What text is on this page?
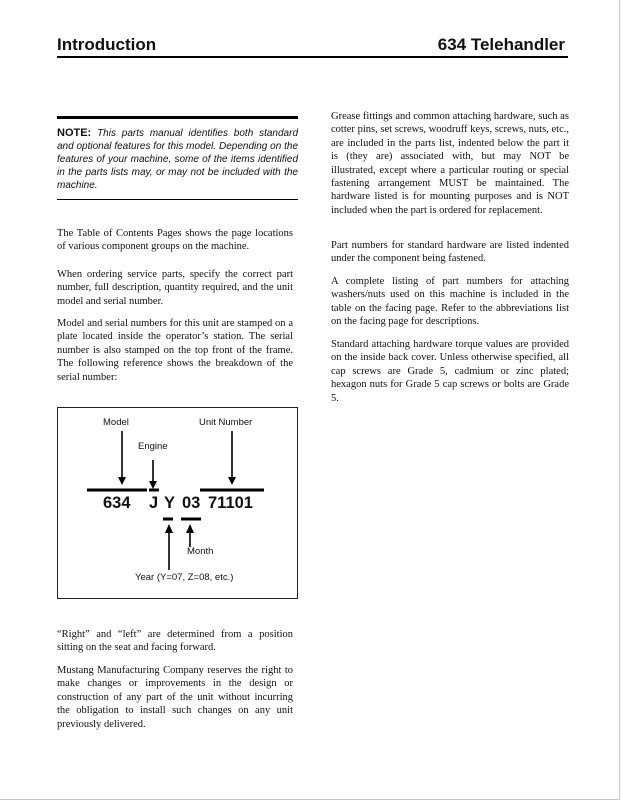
Introduction	634 Telehandler
NOTE: This parts manual identifies both standard and optional features for this model. Depending on the features of your machine, some of the items identified in the parts lists may, or may not be included with the machine.

The Table of Contents Pages shows the page locations of various component groups on the machine.

When ordering service parts, specify the correct part number, full description, quantity required, and the unit model and serial number.

Model and serial numbers for this unit are stamped on a plate located inside the operator’s station. The serial number is also stamped on the top front of the frame. The following reference shows the breakdown of the serial number:

Model
Engine
Unit Number
634 J Y 03 71101
Month
Year (Y=07, Z=08, etc.)

“Right” and “left” are determined from a position sitting on the seat and facing forward.

Mustang Manufacturing Company reserves the right to make changes or improvements in the design or construction of any part of the unit without incurring the obligation to install such changes on any unit previously delivered.

Grease fittings and common attaching hardware, such as cotter pins, set screws, woodruff keys, screws, nuts, etc., are included in the parts list, indented below the part it is (they are) associated with, but may NOT be illustrated, except where a particular routing or special fastening arrangement MUST be maintained. The hardware listed is for mounting purposes and is NOT included when the part is ordered for replacement.

Part numbers for standard hardware are listed indented under the component being fastened.

A complete listing of part numbers for attaching washers/nuts used on this machine is included in the table on the facing page. Refer to the abbreviations list on the facing page for descriptions.

Standard attaching hardware torque values are provided on the inside back cover. Unless otherwise specified, all cap screws are Grade 5, cadmium or zinc plated; hexagon nuts for Grade 5 cap screws or bolts are Grade 5.
